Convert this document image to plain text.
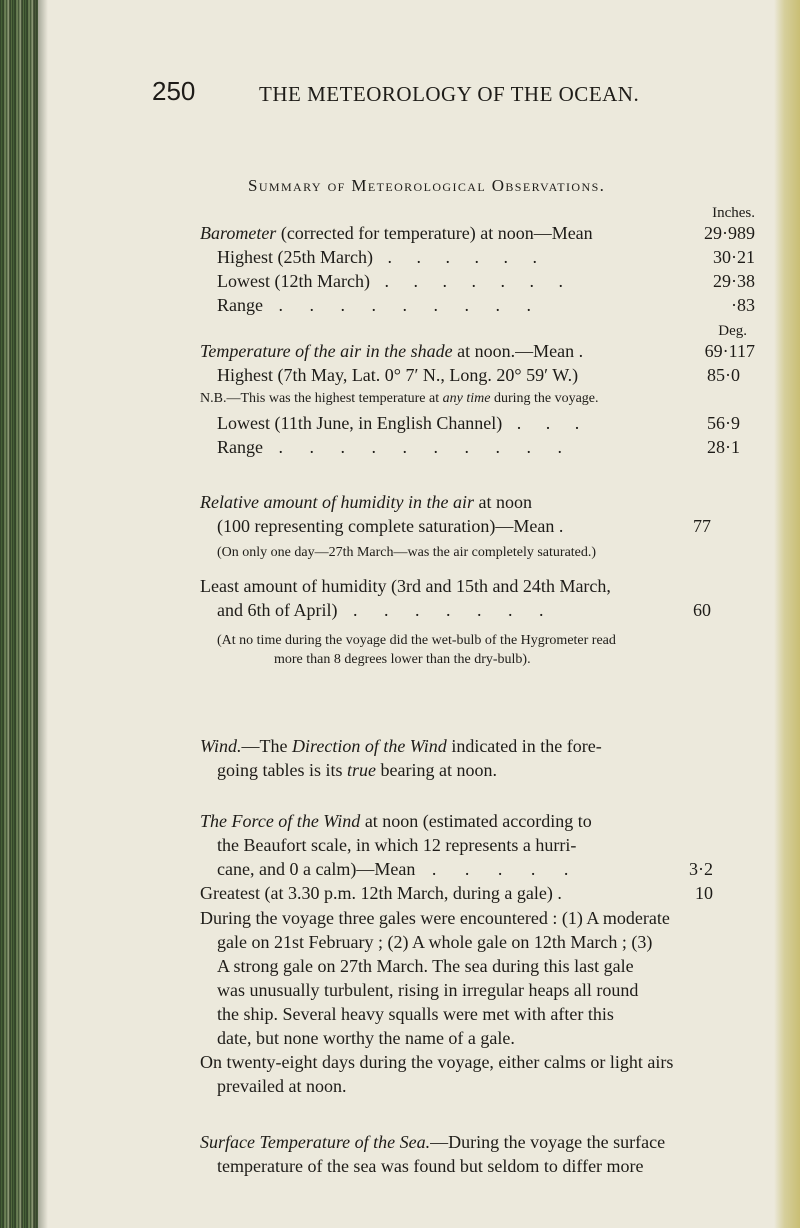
250	THE METEOROLOGY OF THE OCEAN.
Summary of Meteorological Observations.
Inches.
Barometer (corrected for temperature) at noon—Mean	29·989
Highest (25th March) . . . . . .	30·21
Lowest (12th March) . . . . . . .	29·38
Range . . . . . . . . .	·83
Deg.
Temperature of the air in the shade at noon.—Mean .	69·117
Highest (7th May, Lat. 0° 7′ N., Long. 20° 59′ W.)	85·0
N.B.—This was the highest temperature at any time during the voyage.
Lowest (11th June, in English Channel) . . .	56·9
Range . . . . . . . . . .	28·1
Relative amount of humidity in the air at noon
(100 representing complete saturation)—Mean .	77
(On only one day—27th March—was the air completely saturated.)
Least amount of humidity (3rd and 15th and 24th March,
and 6th of April) . . . . . . .	60
(At no time during the voyage did the wet-bulb of the Hygrometer read
more than 8 degrees lower than the dry-bulb).
Wind.—The Direction of the Wind indicated in the fore-
going tables is its true bearing at noon.
The Force of the Wind at noon (estimated according to
the Beaufort scale, in which 12 represents a hurri-
cane, and 0 a calm)—Mean . . . . .	3·2
Greatest (at 3.30 p.m. 12th March, during a gale) .	10
During the voyage three gales were encountered : (1) A moderate
gale on 21st February ; (2) A whole gale on 12th March ; (3)
A strong gale on 27th March. The sea during this last gale
was unusually turbulent, rising in irregular heaps all round
the ship. Several heavy squalls were met with after this
date, but none worthy the name of a gale.
On twenty-eight days during the voyage, either calms or light airs
prevailed at noon.
Surface Temperature of the Sea.—During the voyage the surface
temperature of the sea was found but seldom to differ more
